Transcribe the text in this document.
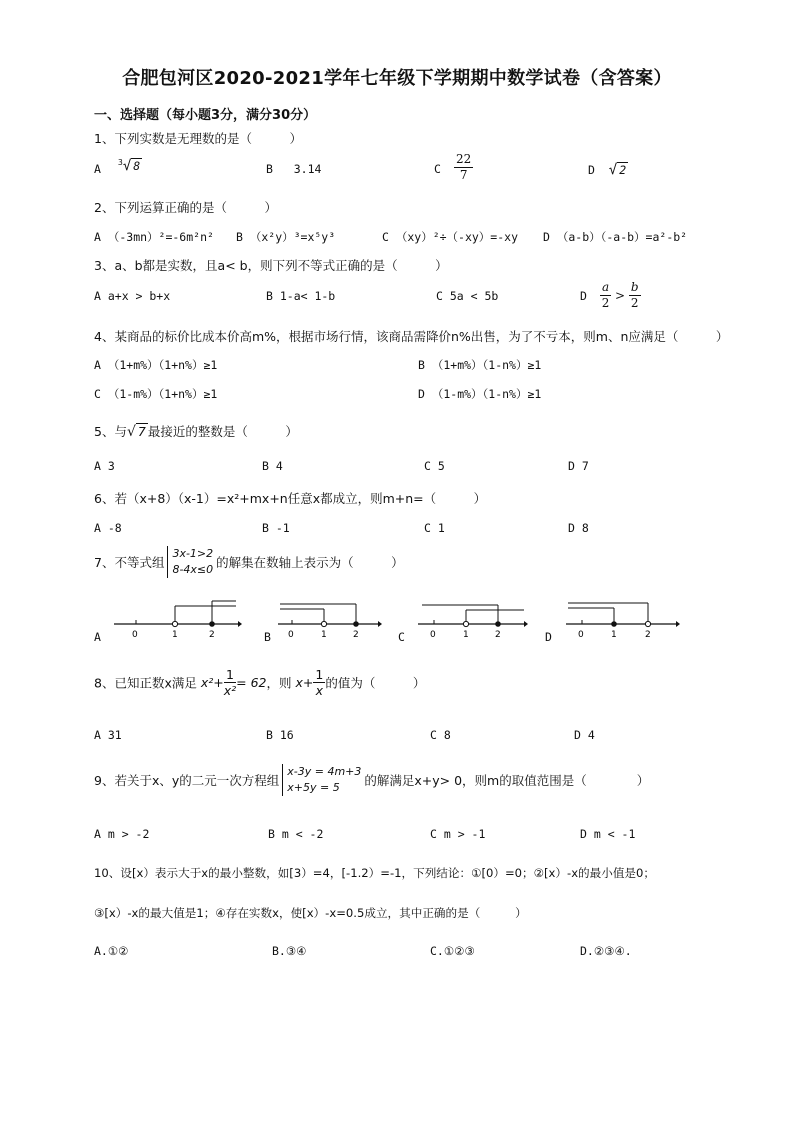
合肥包河区2020-2021学年七年级下学期期中数学试卷（含答案）
一、选择题（每小题3分，满分30分）
1、下列实数是无理数的是（　　　）
A $^3$√ 8	B 3.14	C $\frac{22}{7}$	D √ 2
2、下列运算正确的是（　　　）
A （-3mn）²=-6m²n² B （x²y）³=x⁵y³	C （xy）²÷（-xy）=-xy D （a-b）（-a-b）=a²-b²
3、a、b都是实数，且a< b，则下列不等式正确的是（　　　）
A a+x > b+x	B 1-a< 1-b	C 5a < 5b	D $\frac{a}{2} > \frac{b}{2}$
4、某商品的标价比成本价高m%，根据市场行情，该商品需降价n%出售，为了不亏本，则m、n应满足（　　　）
A （1+m%）（1+n%）≥1	B （1+m%）（1-n%）≥1
C （1-m%）（1+n%）≥1	D （1-m%）（1-n%）≥1
5、与√ 7 最接近的整数是（　　　）
A 3	B 4	C 5	D 7
6、若（x+8）（x-1）=x²+mx+n任意x都成立，则m+n=（　　　）
A -8	B -1	C 1	D 8
7、不等式组
3x-1>2
8-4x≤0 的解集在数轴上表示为（　　　）
A	B	C	D
0	1	2	0	1	2	0	1	2	0	1	2
8、已知正数x满足 $x^2+ \frac{1}{\text{x²}} = 62$，则 $x+ \frac{1}{x}$ 的值为（　　　）
A 31	B 16	C 8	D 4
9、若关于x、y的二元一次方程组
x-3y = 4m+3
x+5y = 5	的解满足x+y> 0，则m的取值范围是（　　　　）
A m > -2	B m < -2	C m > -1	D m < -1
10、设[x）表示大于x的最小整数，如[3）=4，[-1.2）=-1，下列结论：①[0）=0；②[x）-x的最小值是0；
③[x）-x的最大值是1；④存在实数x，使[x）-x=0.5成立，其中正确的是（　　　）
A.①②	B.③④	C.①②③	D.②③④.
